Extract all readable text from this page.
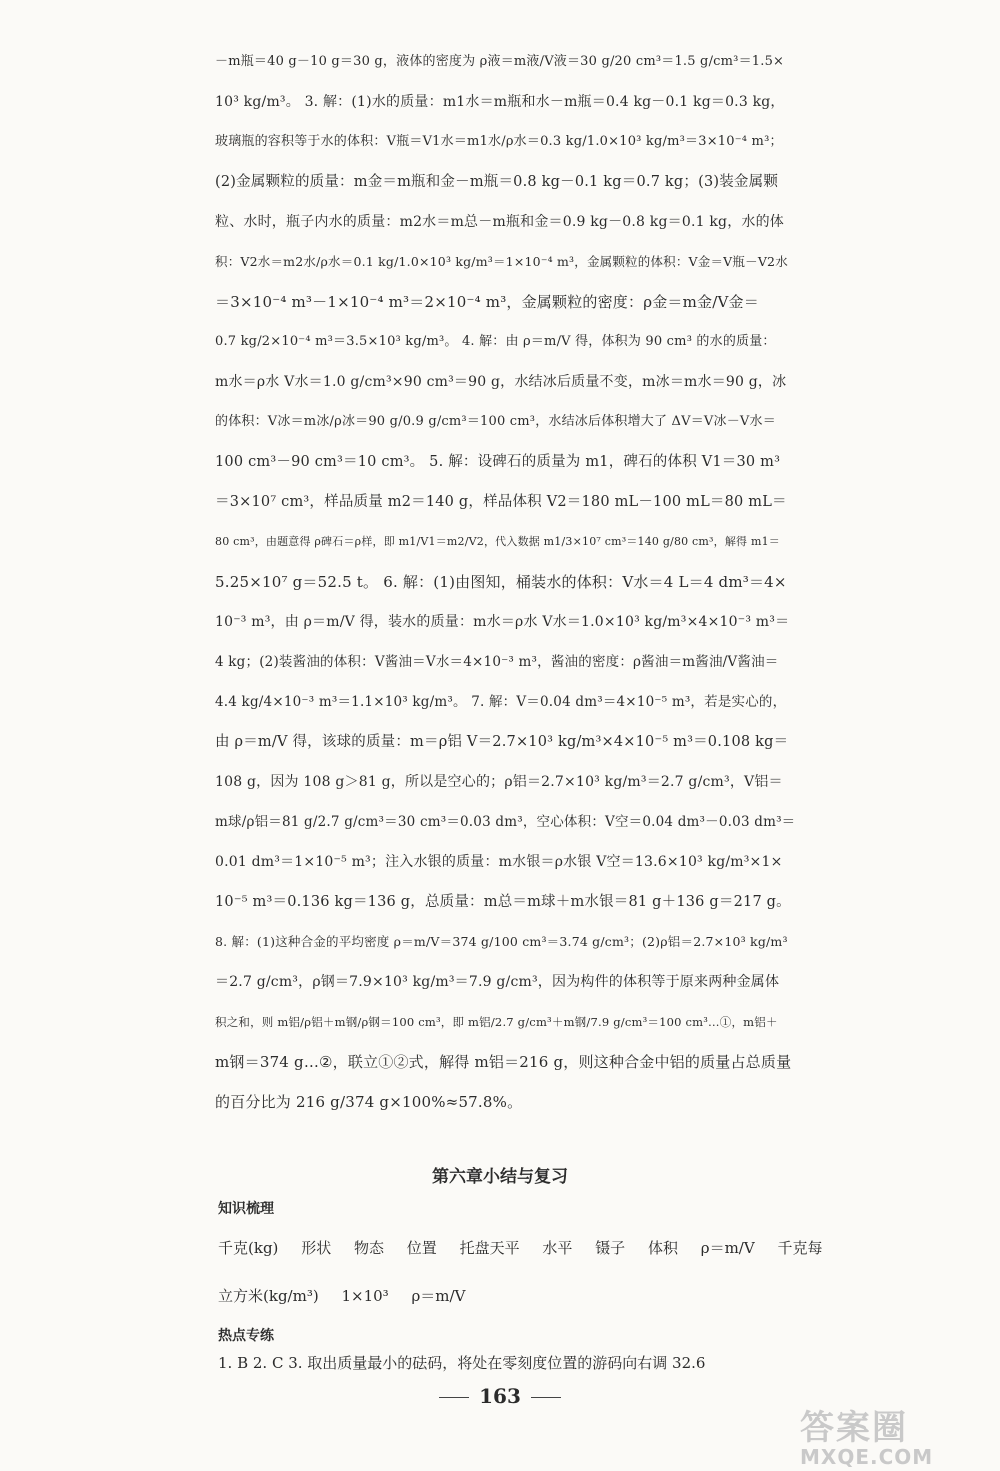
－m瓶＝40 g－10 g＝30 g，液体的密度为 ρ液＝m液/V液＝30 g/20 cm³＝1.5 g/cm³＝1.5×
10³ kg/m³。 3. 解：(1)水的质量：m1水＝m瓶和水－m瓶＝0.4 kg－0.1 kg＝0.3 kg，
玻璃瓶的容积等于水的体积：V瓶＝V1水＝m1水/ρ水＝0.3 kg/1.0×10³ kg/m³＝3×10⁻⁴ m³；
(2)金属颗粒的质量：m金＝m瓶和金－m瓶＝0.8 kg－0.1 kg＝0.7 kg；(3)装金属颗
粒、水时，瓶子内水的质量：m2水＝m总－m瓶和金＝0.9 kg－0.8 kg＝0.1 kg，水的体
积：V2水＝m2水/ρ水＝0.1 kg/1.0×10³ kg/m³＝1×10⁻⁴ m³，金属颗粒的体积：V金＝V瓶－V2水
＝3×10⁻⁴ m³－1×10⁻⁴ m³＝2×10⁻⁴ m³，金属颗粒的密度：ρ金＝m金/V金＝
0.7 kg/2×10⁻⁴ m³＝3.5×10³ kg/m³。 4. 解：由 ρ＝m/V 得，体积为 90 cm³ 的水的质量：
m水＝ρ水 V水＝1.0 g/cm³×90 cm³＝90 g，水结冰后质量不变，m冰＝m水＝90 g，冰
的体积：V冰＝m冰/ρ冰＝90 g/0.9 g/cm³＝100 cm³，水结冰后体积增大了 ΔV＝V冰－V水＝
100 cm³－90 cm³＝10 cm³。 5. 解：设碑石的质量为 m1，碑石的体积 V1＝30 m³
＝3×10⁷ cm³，样品质量 m2＝140 g，样品体积 V2＝180 mL－100 mL＝80 mL＝
80 cm³，由题意得 ρ碑石＝ρ样，即 m1/V1＝m2/V2，代入数据 m1/3×10⁷ cm³＝140 g/80 cm³，解得 m1＝
5.25×10⁷ g＝52.5 t。 6. 解：(1)由图知，桶装水的体积：V水＝4 L＝4 dm³＝4×
10⁻³ m³，由 ρ＝m/V 得，装水的质量：m水＝ρ水 V水＝1.0×10³ kg/m³×4×10⁻³ m³＝
4 kg；(2)装酱油的体积：V酱油＝V水＝4×10⁻³ m³，酱油的密度：ρ酱油＝m酱油/V酱油＝
4.4 kg/4×10⁻³ m³＝1.1×10³ kg/m³。 7. 解：V＝0.04 dm³＝4×10⁻⁵ m³，若是实心的，
由 ρ＝m/V 得，该球的质量：m＝ρ铝 V＝2.7×10³ kg/m³×4×10⁻⁵ m³＝0.108 kg＝
108 g，因为 108 g＞81 g，所以是空心的；ρ铝＝2.7×10³ kg/m³＝2.7 g/cm³，V铝＝
m球/ρ铝＝81 g/2.7 g/cm³＝30 cm³＝0.03 dm³，空心体积：V空＝0.04 dm³－0.03 dm³＝
0.01 dm³＝1×10⁻⁵ m³；注入水银的质量：m水银＝ρ水银 V空＝13.6×10³ kg/m³×1×
10⁻⁵ m³＝0.136 kg＝136 g，总质量：m总＝m球＋m水银＝81 g＋136 g＝217 g。
8. 解：(1)这种合金的平均密度 ρ＝m/V＝374 g/100 cm³＝3.74 g/cm³；(2)ρ铝＝2.7×10³ kg/m³
＝2.7 g/cm³，ρ钢＝7.9×10³ kg/m³＝7.9 g/cm³，因为构件的体积等于原来两种金属体
积之和，则 m铝/ρ铝＋m钢/ρ钢＝100 cm³，即 m铝/2.7 g/cm³＋m钢/7.9 g/cm³＝100 cm³…①，m铝＋
m钢＝374 g…②，联立①②式，解得 m铝＝216 g，则这种合金中铝的质量占总质量
的百分比为 216 g/374 g×100%≈57.8%。
第六章小结与复习
知识梳理
千克(kg) 形状 物态 位置 托盘天平 水平 镊子 体积 ρ＝m/V 千克每
立方米(kg/m³) 1×10³ ρ＝m/V
热点专练
1. B 2. C 3. 取出质量最小的砝码，将处在零刻度位置的游码向右调 32.6
163
答案圈
MXQE.COM
